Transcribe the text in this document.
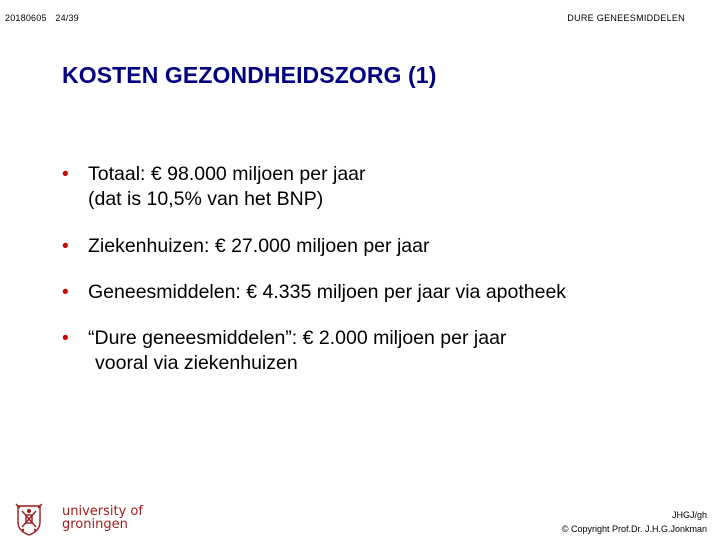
20180605 24/39	DURE GENEESMIDDELEN
KOSTEN GEZONDHEIDSZORG (1)
• Totaal: € 98.000 miljoen per jaar
(dat is 10,5% van het BNP)
• Ziekenhuizen: € 27.000 miljoen per jaar
• Geneesmiddelen: € 4.335 miljoen per jaar via apotheek
• “Dure geneesmiddelen”: € 2.000 miljoen per jaar
vooral via ziekenhuizen
university of
groningen
JHGJ/gh
© Copyright Prof.Dr. J.H.G.Jonkman
